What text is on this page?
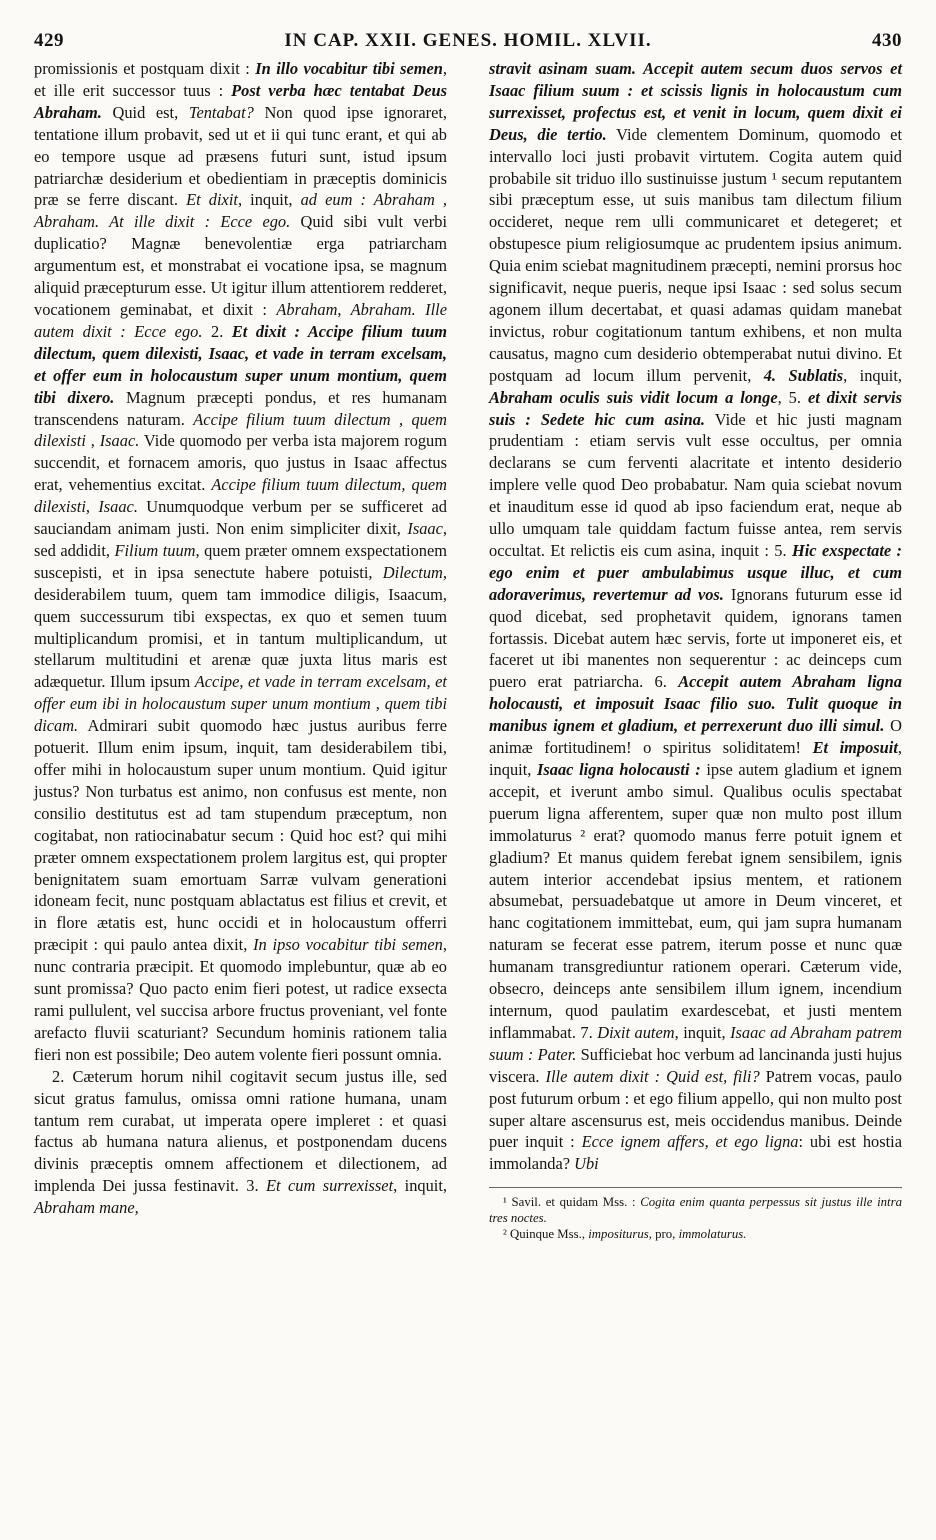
429	IN CAP. XXII. GENES. HOMIL. XLVII.	430

promissionis et postquam dixit : In illo vocabitur tibi semen, et ille erit successor tuus : Post verba hæc tentabat Deus Abraham. Quid est, Tentabat? Non quod ipse ignoraret, tentatione illum probavit, sed ut et ii qui tunc erant, et qui ab eo tempore usque ad præsens futuri sunt, istud ipsum patriarchæ desiderium et obedientiam in præceptis dominicis præ se ferre discant. Et dixit, inquit, ad eum : Abraham , Abraham. At ille dixit : Ecce ego. Quid sibi vult verbi duplicatio? Magnæ benevolentiæ erga patriarcham argumentum est, et monstrabat ei vocatione ipsa, se magnum aliquid præcepturum esse. Ut igitur illum attentiorem redderet, vocationem geminabat, et dixit : Abraham, Abraham. Ille autem dixit : Ecce ego. 2. Et dixit : Accipe filium tuum dilectum, quem dilexisti, Isaac, et vade in terram excelsam, et offer eum in holocaustum super unum montium, quem tibi dixero. Magnum præcepti pondus, et res humanam transcendens naturam. Accipe filium tuum dilectum , quem dilexisti , Isaac. Vide quomodo per verba ista majorem rogum succendit, et fornacem amoris, quo justus in Isaac affectus erat, vehementius excitat. Accipe filium tuum dilectum, quem dilexisti, Isaac. Unumquodque verbum per se sufficeret ad sauciandam animam justi. Non enim simpliciter dixit, Isaac, sed addidit, Filium tuum, quem præter omnem exspectationem suscepisti, et in ipsa senectute habere potuisti, Dilectum, desiderabilem tuum, quem tam immodice diligis, Isaacum, quem successurum tibi exspectas, ex quo et semen tuum multiplicandum promisi, et in tantum multiplicandum, ut stellarum multitudini et arenæ quæ juxta litus maris est adæquetur. Illum ipsum Accipe, et vade in terram excelsam, et offer eum ibi in holocaustum super unum montium , quem tibi dicam. Admirari subit quomodo hæc justus auribus ferre potuerit. Illum enim ipsum, inquit, tam desiderabilem tibi, offer mihi in holocaustum super unum montium. Quid igitur justus? Non turbatus est animo, non confusus est mente, non consilio destitutus est ad tam stupendum præceptum, non cogitabat, non ratiocinabatur secum : Quid hoc est? qui mihi præter omnem exspectationem prolem largitus est, qui propter benignitatem suam emortuam Sarræ vulvam generationi idoneam fecit, nunc postquam ablactatus est filius et crevit, et in flore ætatis est, hunc occidi et in holocaustum offerri præcipit : qui paulo antea dixit, In ipso vocabitur tibi semen, nunc contraria præcipit. Et quomodo implebuntur, quæ ab eo sunt promissa? Quo pacto enim fieri potest, ut radice exsecta rami pullulent, vel succisa arbore fructus proveniant, vel fonte arefacto fluvii scaturiant? Secundum hominis rationem talia fieri non est possibile; Deo autem volente fieri possunt omnia.

2. Cæterum horum nihil cogitavit secum justus ille, sed sicut gratus famulus, omissa omni ratione humana, unam tantum rem curabat, ut imperata opere impleret : et quasi factus ab humana natura alienus, et postponendam ducens divinis præceptis omnem affectionem et dilectionem, ad implenda Dei jussa festinavit. 3. Et cum surrexisset, inquit, Abraham mane,

stravit asinam suam. Accepit autem secum duos servos et Isaac filium suum : et scissis lignis in holocaustum cum surrexisset, profectus est, et venit in locum, quem dixit ei Deus, die tertio. Vide clementem Dominum, quomodo et intervallo loci justi probavit virtutem. Cogita autem quid probabile sit triduo illo sustinuisse justum ¹ secum reputantem sibi præceptum esse, ut suis manibus tam dilectum filium occideret, neque rem ulli communicaret et detegeret; et obstupesce pium religiosumque ac prudentem ipsius animum. Quia enim sciebat magnitudinem præcepti, nemini prorsus hoc significavit, neque pueris, neque ipsi Isaac : sed solus secum agonem illum decertabat, et quasi adamas quidam manebat invictus, robur cogitationum tantum exhibens, et non multa causatus, magno cum desiderio obtemperabat nutui divino. Et postquam ad locum illum pervenit, 4. Sublatis, inquit, Abraham oculis suis vidit locum a longe, 5. et dixit servis suis : Sedete hic cum asina. Vide et hic justi magnam prudentiam : etiam servis vult esse occultus, per omnia declarans se cum ferventi alacritate et intento desiderio implere velle quod Deo probabatur. Nam quia sciebat novum et inauditum esse id quod ab ipso faciendum erat, neque ab ullo umquam tale quiddam factum fuisse antea, rem servis occultat. Et relictis eis cum asina, inquit : 5. Hic exspectate : ego enim et puer ambulabimus usque illuc, et cum adoraverimus, revertemur ad vos. Ignorans futurum esse id quod dicebat, sed prophetavit quidem, ignorans tamen fortassis. Dicebat autem hæc servis, forte ut imponeret eis, et faceret ut ibi manentes non sequerentur : ac deinceps cum puero erat patriarcha. 6. Accepit autem Abraham ligna holocausti, et imposuit Isaac filio suo. Tulit quoque in manibus ignem et gladium, et perrexerunt duo illi simul. O animæ fortitudinem! o spiritus soliditatem! Et imposuit, inquit, Isaac ligna holocausti : ipse autem gladium et ignem accepit, et iverunt ambo simul. Qualibus oculis spectabat puerum ligna afferentem, super quæ non multo post illum immolaturus ² erat? quomodo manus ferre potuit ignem et gladium? Et manus quidem ferebat ignem sensibilem, ignis autem interior accendebat ipsius mentem, et rationem absumebat, persuadebatque ut amore in Deum vinceret, et hanc cogitationem immittebat, eum, qui jam supra humanam naturam se fecerat esse patrem, iterum posse et nunc quæ humanam transgrediuntur rationem operari. Cæterum vide, obsecro, deinceps ante sensibilem illum ignem, incendium internum, quod paulatim exardescebat, et justi mentem inflammabat. 7. Dixit autem, inquit, Isaac ad Abraham patrem suum : Pater. Sufficiebat hoc verbum ad lancinanda justi hujus viscera. Ille autem dixit : Quid est, fili? Patrem vocas, paulo post futurum orbum : et ego filium appello, qui non multo post super altare ascensurus est, meis occidendus manibus. Deinde puer inquit : Ecce ignem affers, et ego ligna: ubi est hostia immolanda? Ubi

¹ Savil. et quidam Mss. : Cogita enim quanta perpessus sit justus ille intra tres noctes.

² Quinque Mss., impositurus, pro, immolaturus.
